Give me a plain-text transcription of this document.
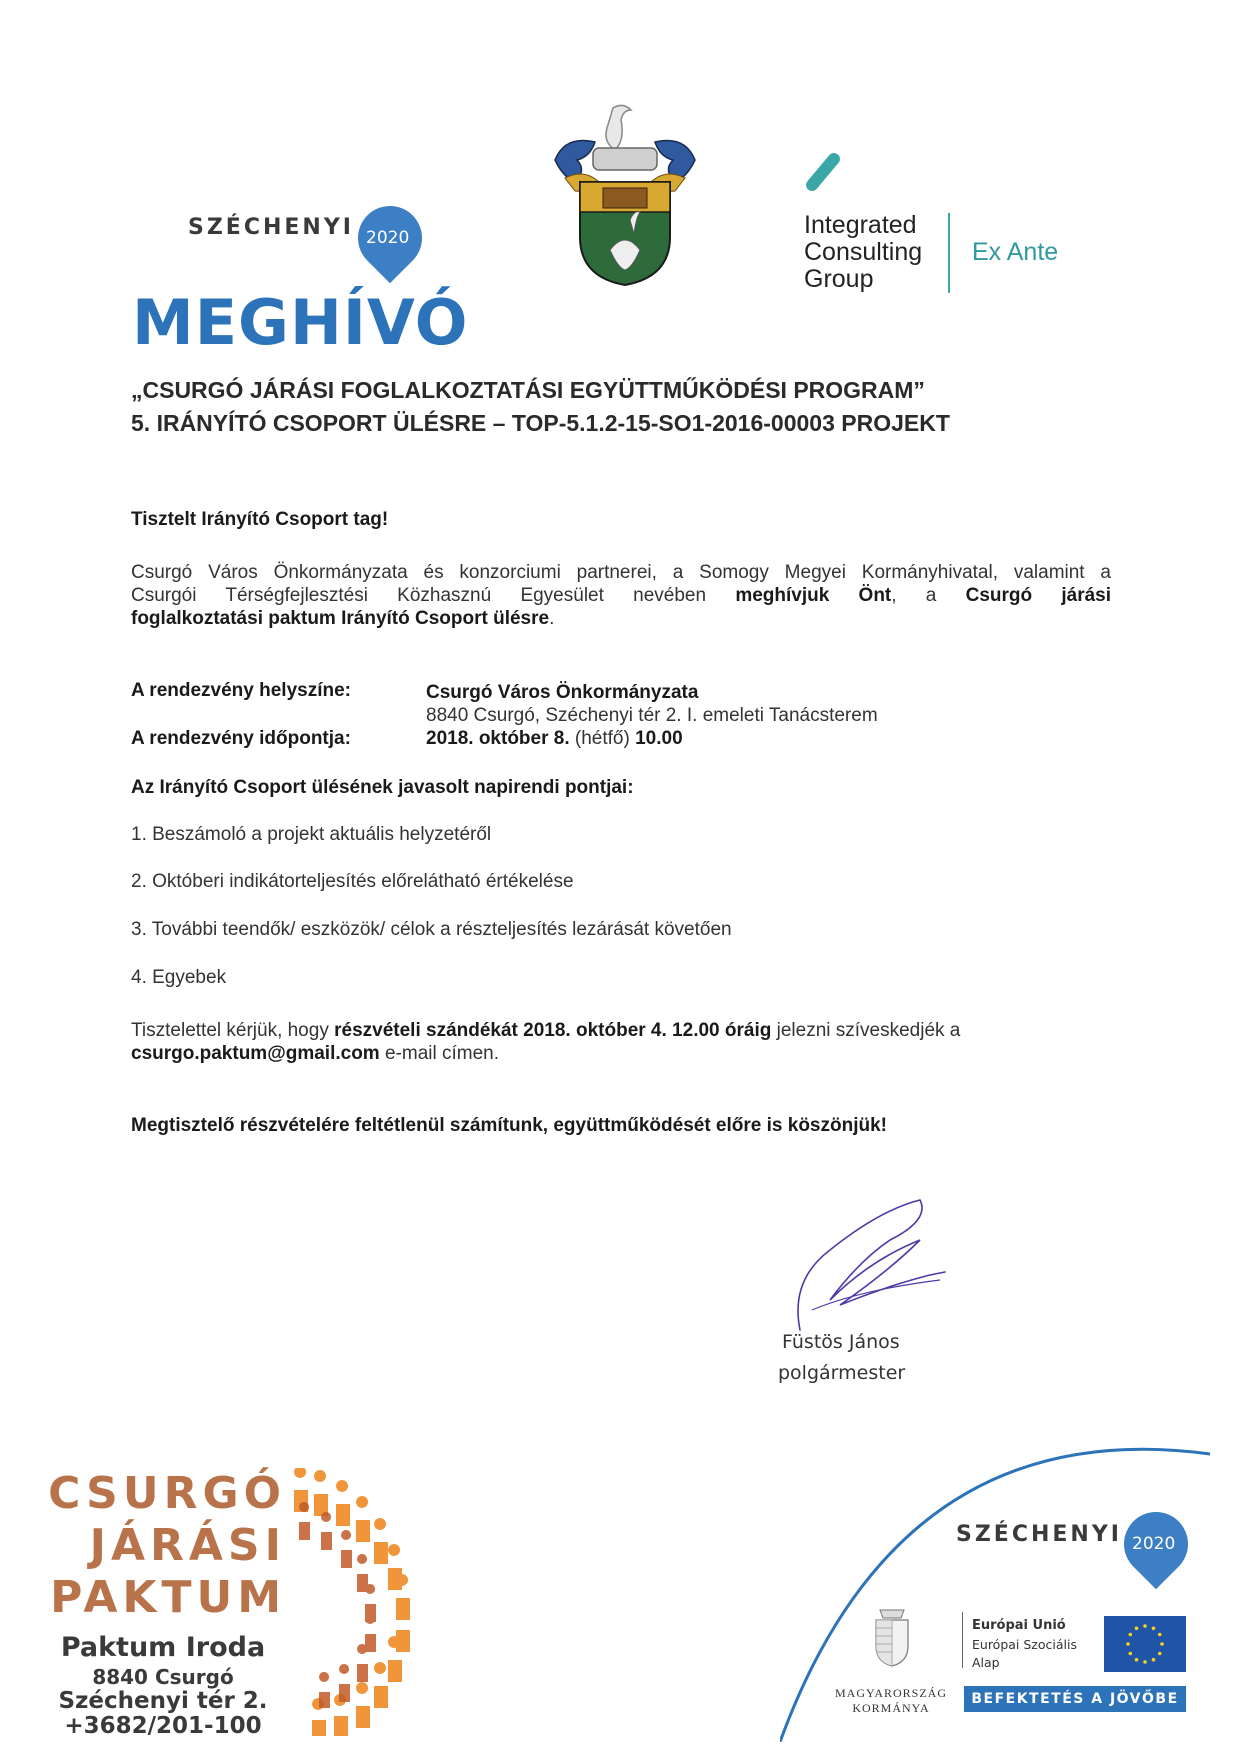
SZÉCHENYI 2020	Integrated
Consulting
Group
Ex Ante
MEGHÍVÓ
„CSURGÓ JÁRÁSI FOGLALKOZTATÁSI EGYÜTTMŰKÖDÉSI PROGRAM”
5. IRÁNYÍTÓ CSOPORT ÜLÉSRE – TOP-5.1.2-15-SO1-2016-00003 PROJEKT
Tisztelt Irányító Csoport tag!
Csurgó Város Önkormányzata és konzorciumi partnerei, a Somogy Megyei Kormányhivatal, valamint a
Csurgói Térségfejlesztési Közhasznú Egyesület nevében meghívjuk Önt, a Csurgó járási
foglalkoztatási paktum Irányító Csoport ülésre.
A rendezvény helyszíne:	Csurgó Város Önkormányzata
8840 Csurgó, Széchenyi tér 2. I. emeleti Tanácsterem
A rendezvény időpontja:	2018. október 8. (hétfő) 10.00
Az Irányító Csoport ülésének javasolt napirendi pontjai:
1. Beszámoló a projekt aktuális helyzetéről
2. Októberi indikátorteljesítés előrelátható értékelése
3. További teendők/ eszközök/ célok a részteljesítés lezárását követően
4. Egyebek
Tisztelettel kérjük, hogy részvételi szándékát 2018. október 4. 12.00 óráig jelezni szíveskedjék a
csurgo.paktum@gmail.com e-mail címen.
Megtisztelő részvételére feltétlenül számítunk, együttműködését előre is köszönjük!
Füstös János
polgármester
CSURGÓ
JÁRÁSI
PAKTUM
Paktum Iroda
8840 Csurgó
Széchenyi tér 2.
+3682/201-100
SZÉCHENYI 2020
MAGYARORSZÁG
KORMÁNYA
Európai Unió
Európai Szociális
Alap
BEFEKTETÉS A JÖVŐBE
